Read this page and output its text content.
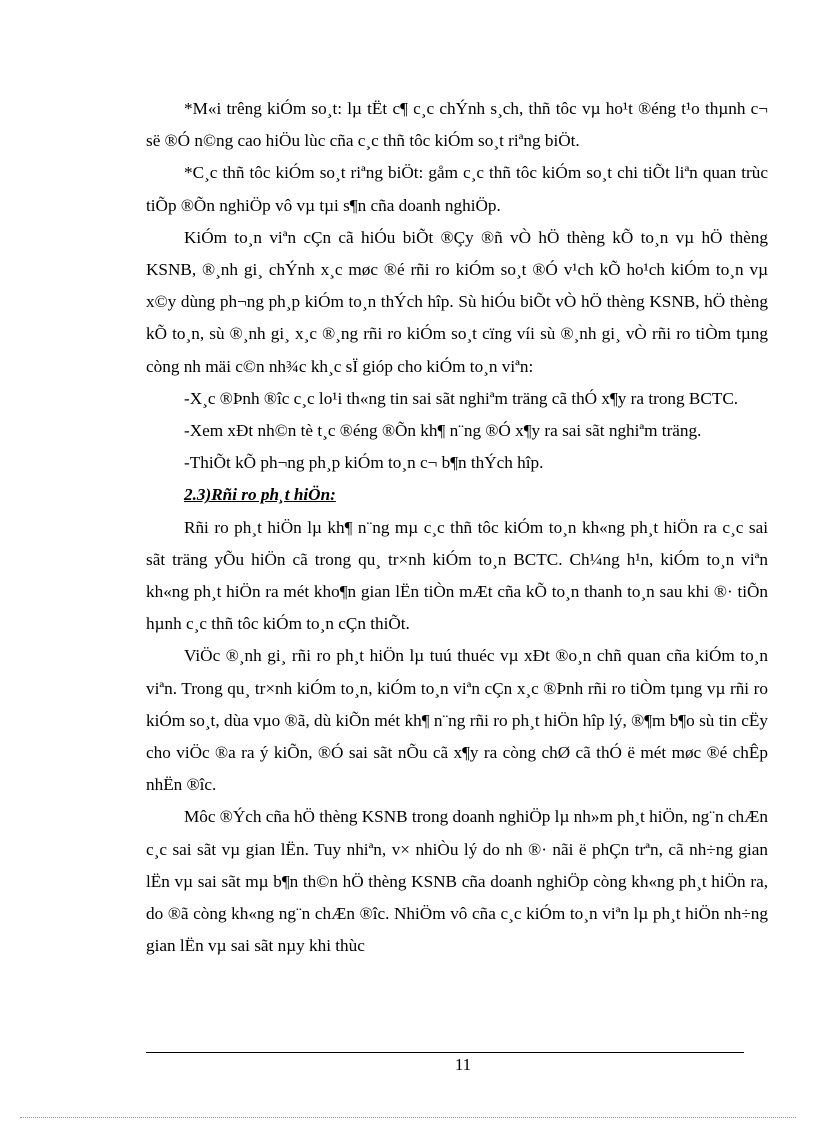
*M«i trêng kiÓm so¸t: lµ tËt c¶ c¸c chÝnh s¸ch, thñ tôc vµ ho¹t ®éng t¹o thµnh c¬ së ®Ó n©ng cao hiÖu lùc cña c¸c thñ tôc kiÓm so¸t riªng biÖt.

*C¸c thñ tôc kiÓm so¸t riªng biÖt: gåm c¸c thñ tôc kiÓm so¸t chi tiÕt liªn quan trùc tiÕp ®Õn nghiÖp vô vµ tµi s¶n cña doanh nghiÖp.

KiÓm to¸n viªn cÇn cã hiÓu biÕt ®Çy ®ñ vÒ hÖ thèng kÕ to¸n vµ hÖ thèng KSNB, ®¸nh gi¸ chÝnh x¸c møc ®é rñi ro kiÓm so¸t ®Ó v¹ch kÕ ho¹ch kiÓm to¸n vµ x©y dùng ph¬ng ph¸p kiÓm to¸n thÝch hîp. Sù hiÓu biÕt vÒ hÖ thèng KSNB, hÖ thèng kÕ to¸n, sù ®¸nh gi¸ x¸c ®¸ng rñi ro kiÓm so¸t cïng víi sù ®¸nh gi¸ vÒ rñi ro tiÒm tµng còng nh mäi c©n nh¾c kh¸c sÏ gióp cho kiÓm to¸n viªn:

-X¸c ®Þnh ®îc c¸c lo¹i th«ng tin sai sãt nghiªm träng cã thÓ x¶y ra trong BCTC.

-Xem xÐt nh©n tè t¸c ®éng ®Õn kh¶ n¨ng ®Ó x¶y ra sai sãt nghiªm träng.

-ThiÕt kÕ ph¬ng ph¸p kiÓm to¸n c¬ b¶n thÝch hîp.

2.3)Rñi ro ph¸t hiÖn:

Rñi ro ph¸t hiÖn lµ kh¶ n¨ng mµ c¸c thñ tôc kiÓm to¸n kh«ng ph¸t hiÖn ra c¸c sai sãt träng yÕu hiÖn cã trong qu¸ tr×nh kiÓm to¸n BCTC. Ch¼ng h¹n, kiÓm to¸n viªn kh«ng ph¸t hiÖn ra mét kho¶n gian lËn tiÒn mÆt cña kÕ to¸n thanh to¸n sau khi ®· tiÕn hµnh c¸c thñ tôc kiÓm to¸n cÇn thiÕt.

ViÖc ®¸nh gi¸ rñi ro ph¸t hiÖn lµ tuú thuéc vµ xÐt ®o¸n chñ quan cña kiÓm to¸n viªn. Trong qu¸ tr×nh kiÓm to¸n, kiÓm to¸n viªn cÇn x¸c ®Þnh rñi ro tiÒm tµng vµ rñi ro kiÓm so¸t, dùa vµo ®ã, dù kiÕn mét kh¶ n¨ng rñi ro ph¸t hiÖn hîp lý, ®¶m b¶o sù tin cËy cho viÖc ®a ra ý kiÕn, ®Ó sai sãt nÕu cã x¶y ra còng chØ cã thÓ ë mét møc ®é chÊp nhËn ®îc.

Môc ®Ých cña hÖ thèng KSNB trong doanh nghiÖp lµ nh»m ph¸t hiÖn, ng¨n chÆn c¸c sai sãt vµ gian lËn. Tuy nhiªn, v× nhiÒu lý do nh ®· nãi ë phÇn trªn, cã nh÷ng gian lËn vµ sai sãt mµ b¶n th©n hÖ thèng KSNB cña doanh nghiÖp còng kh«ng ph¸t hiÖn ra, do ®ã còng kh«ng ng¨n chÆn ®îc. NhiÖm vô cña c¸c kiÓm to¸n viªn lµ ph¸t hiÖn nh÷ng gian lËn vµ sai sãt nµy khi thùc

11
